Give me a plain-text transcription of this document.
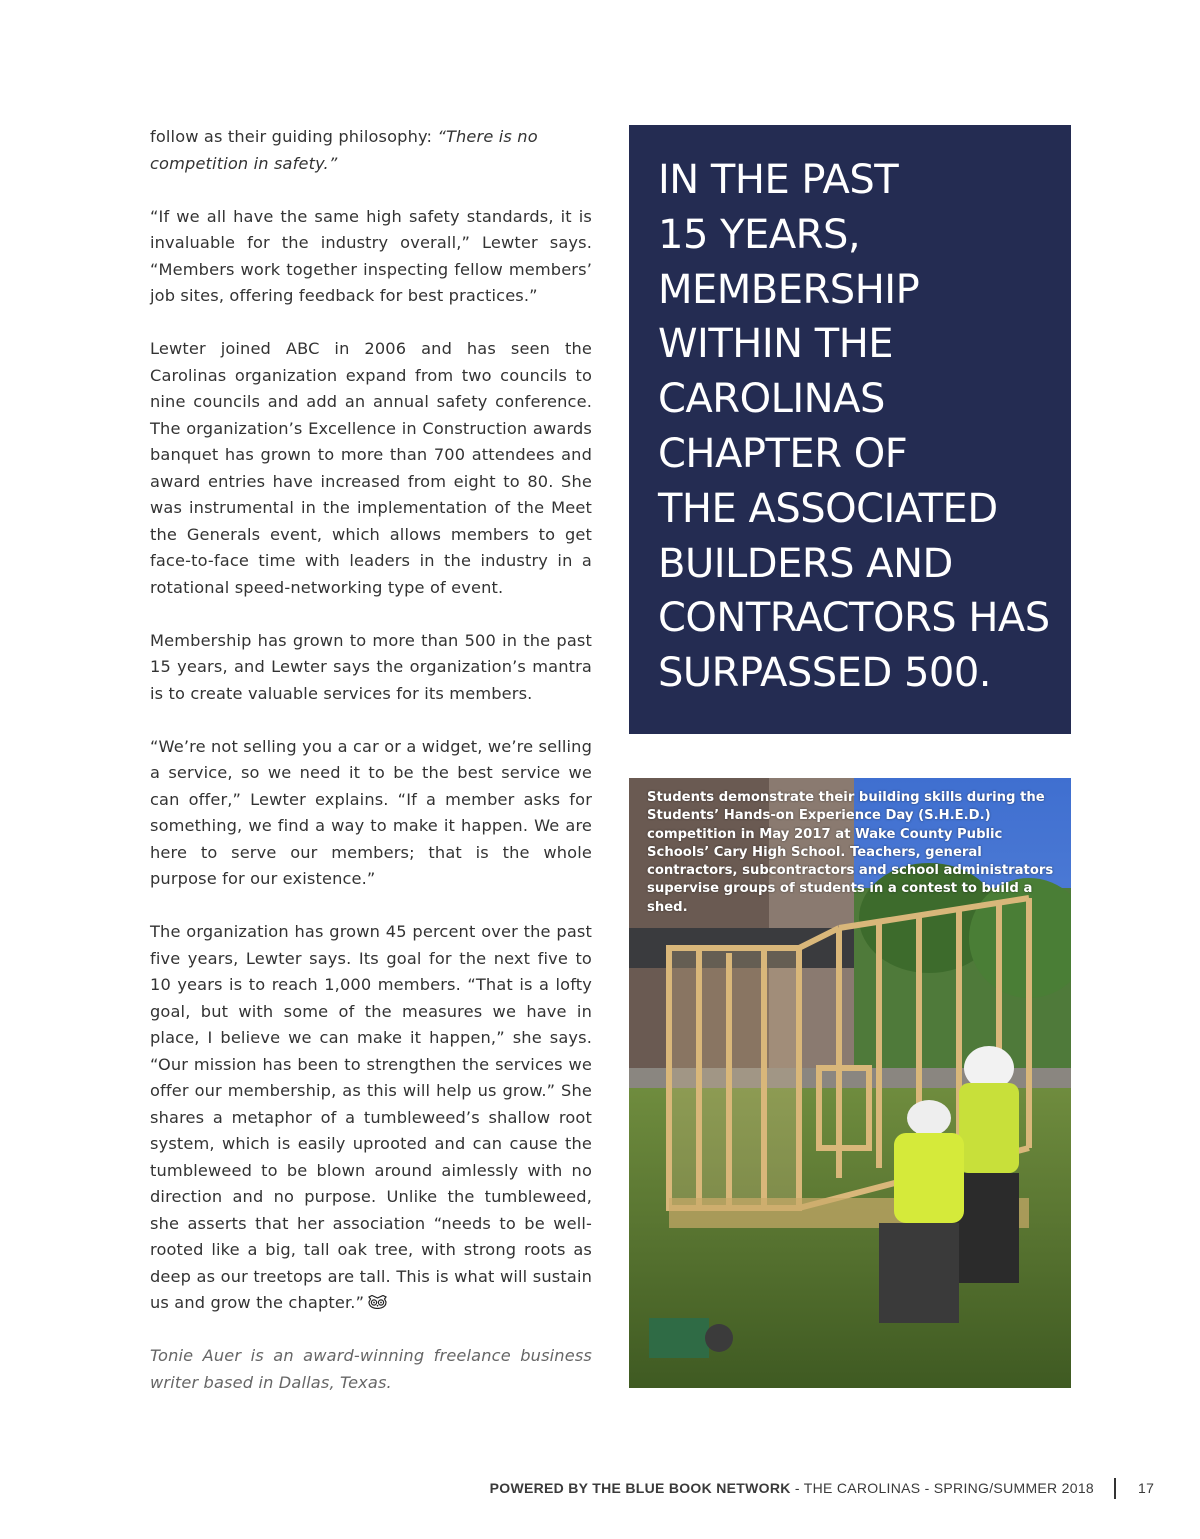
follow as their guiding philosophy: “There is no competition in safety.”

“If we all have the same high safety standards, it is invaluable for the industry overall,” Lewter says. “Members work together inspecting fellow members’ job sites, offering feedback for best practices.”

Lewter joined ABC in 2006 and has seen the Carolinas organization expand from two councils to nine councils and add an annual safety conference. The organization’s Excellence in Construction awards banquet has grown to more than 700 attendees and award entries have increased from eight to 80. She was instrumental in the implementation of the Meet the Generals event, which allows members to get face-to-face time with leaders in the industry in a rotational speed-networking type of event.

Membership has grown to more than 500 in the past 15 years, and Lewter says the organization’s mantra is to create valuable services for its members.

“We’re not selling you a car or a widget, we’re selling a service, so we need it to be the best service we can offer,” Lewter explains. “If a member asks for something, we find a way to make it happen. We are here to serve our members; that is the whole purpose for our existence.”

The organization has grown 45 percent over the past five years, Lewter says. Its goal for the next five to 10 years is to reach 1,000 members. “That is a lofty goal, but with some of the measures we have in place, I believe we can make it happen,” she says. “Our mission has been to strengthen the services we offer our membership, as this will help us grow.” She shares a metaphor of a tumbleweed’s shallow root system, which is easily uprooted and can cause the tumbleweed to be blown around aimlessly with no direction and no purpose. Unlike the tumbleweed, she asserts that her association “needs to be well-rooted like a big, tall oak tree, with strong roots as deep as our treetops are tall. This is what will sustain us and grow the chapter.”

Tonie Auer is an award-winning freelance business writer based in Dallas, Texas.

IN THE PAST
15 YEARS,
MEMBERSHIP
WITHIN THE
CAROLINAS
CHAPTER OF
THE ASSOCIATED
BUILDERS AND
CONTRACTORS HAS
SURPASSED 500.

Students demonstrate their building skills during the Students’ Hands-on Experience Day (S.H.E.D.) competition in May 2017 at Wake County Public Schools’ Cary High School. Teachers, general contractors, subcontractors and school administrators supervise groups of students in a contest to build a shed.
POWERED BY THE BLUE BOOK NETWORK - THE CAROLINAS - SPRING/SUMMER 2018	17
